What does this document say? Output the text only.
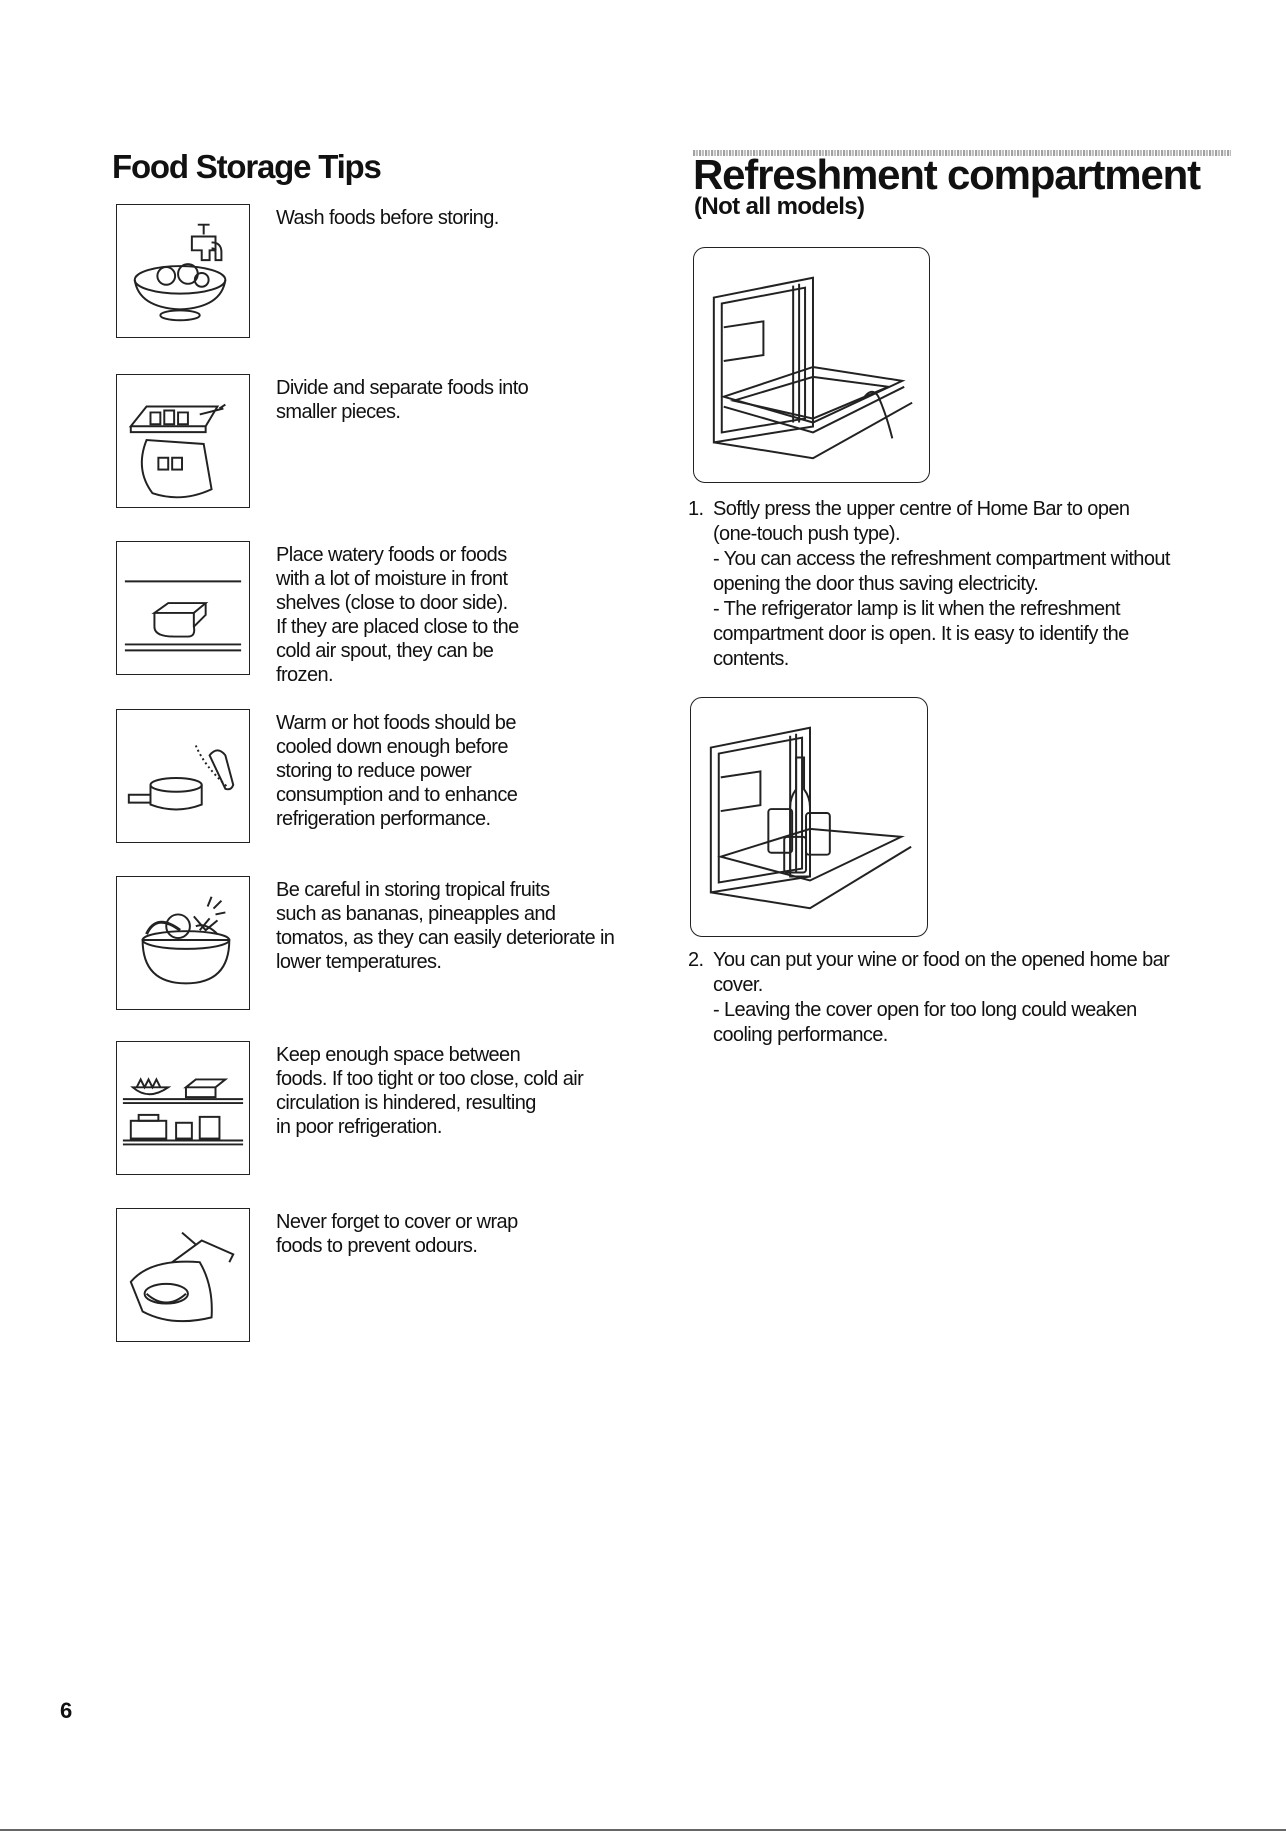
Food Storage Tips

Wash foods before storing.

Divide and separate foods into
smaller pieces.

Place watery foods or foods
with a lot of moisture in front
shelves (close to door side).
If they are placed close to the
cold air spout, they can be
frozen.

Warm or hot foods should be
cooled down enough before
storing to reduce power
consumption and to enhance
refrigeration performance.

Be careful in storing tropical fruits
such as bananas, pineapples and
tomatos, as they can easily deteriorate in
lower temperatures.

Keep enough space between
foods. If too tight or too close, cold air
circulation is hindered, resulting
in poor refrigeration.

Never forget to cover or wrap
foods to prevent odours.

Refreshment compartment

(Not all models)

1. Softly press the upper centre of Home Bar to open
(one-touch push type).

- You can access the refreshment compartment without
opening the door thus saving electricity.

- The refrigerator lamp is lit when the refreshment
compartment door is open. It is easy to identify the
contents.

2. You can put your wine or food on the opened home bar
cover.

- Leaving the cover open for too long could weaken
cooling performance.

6
